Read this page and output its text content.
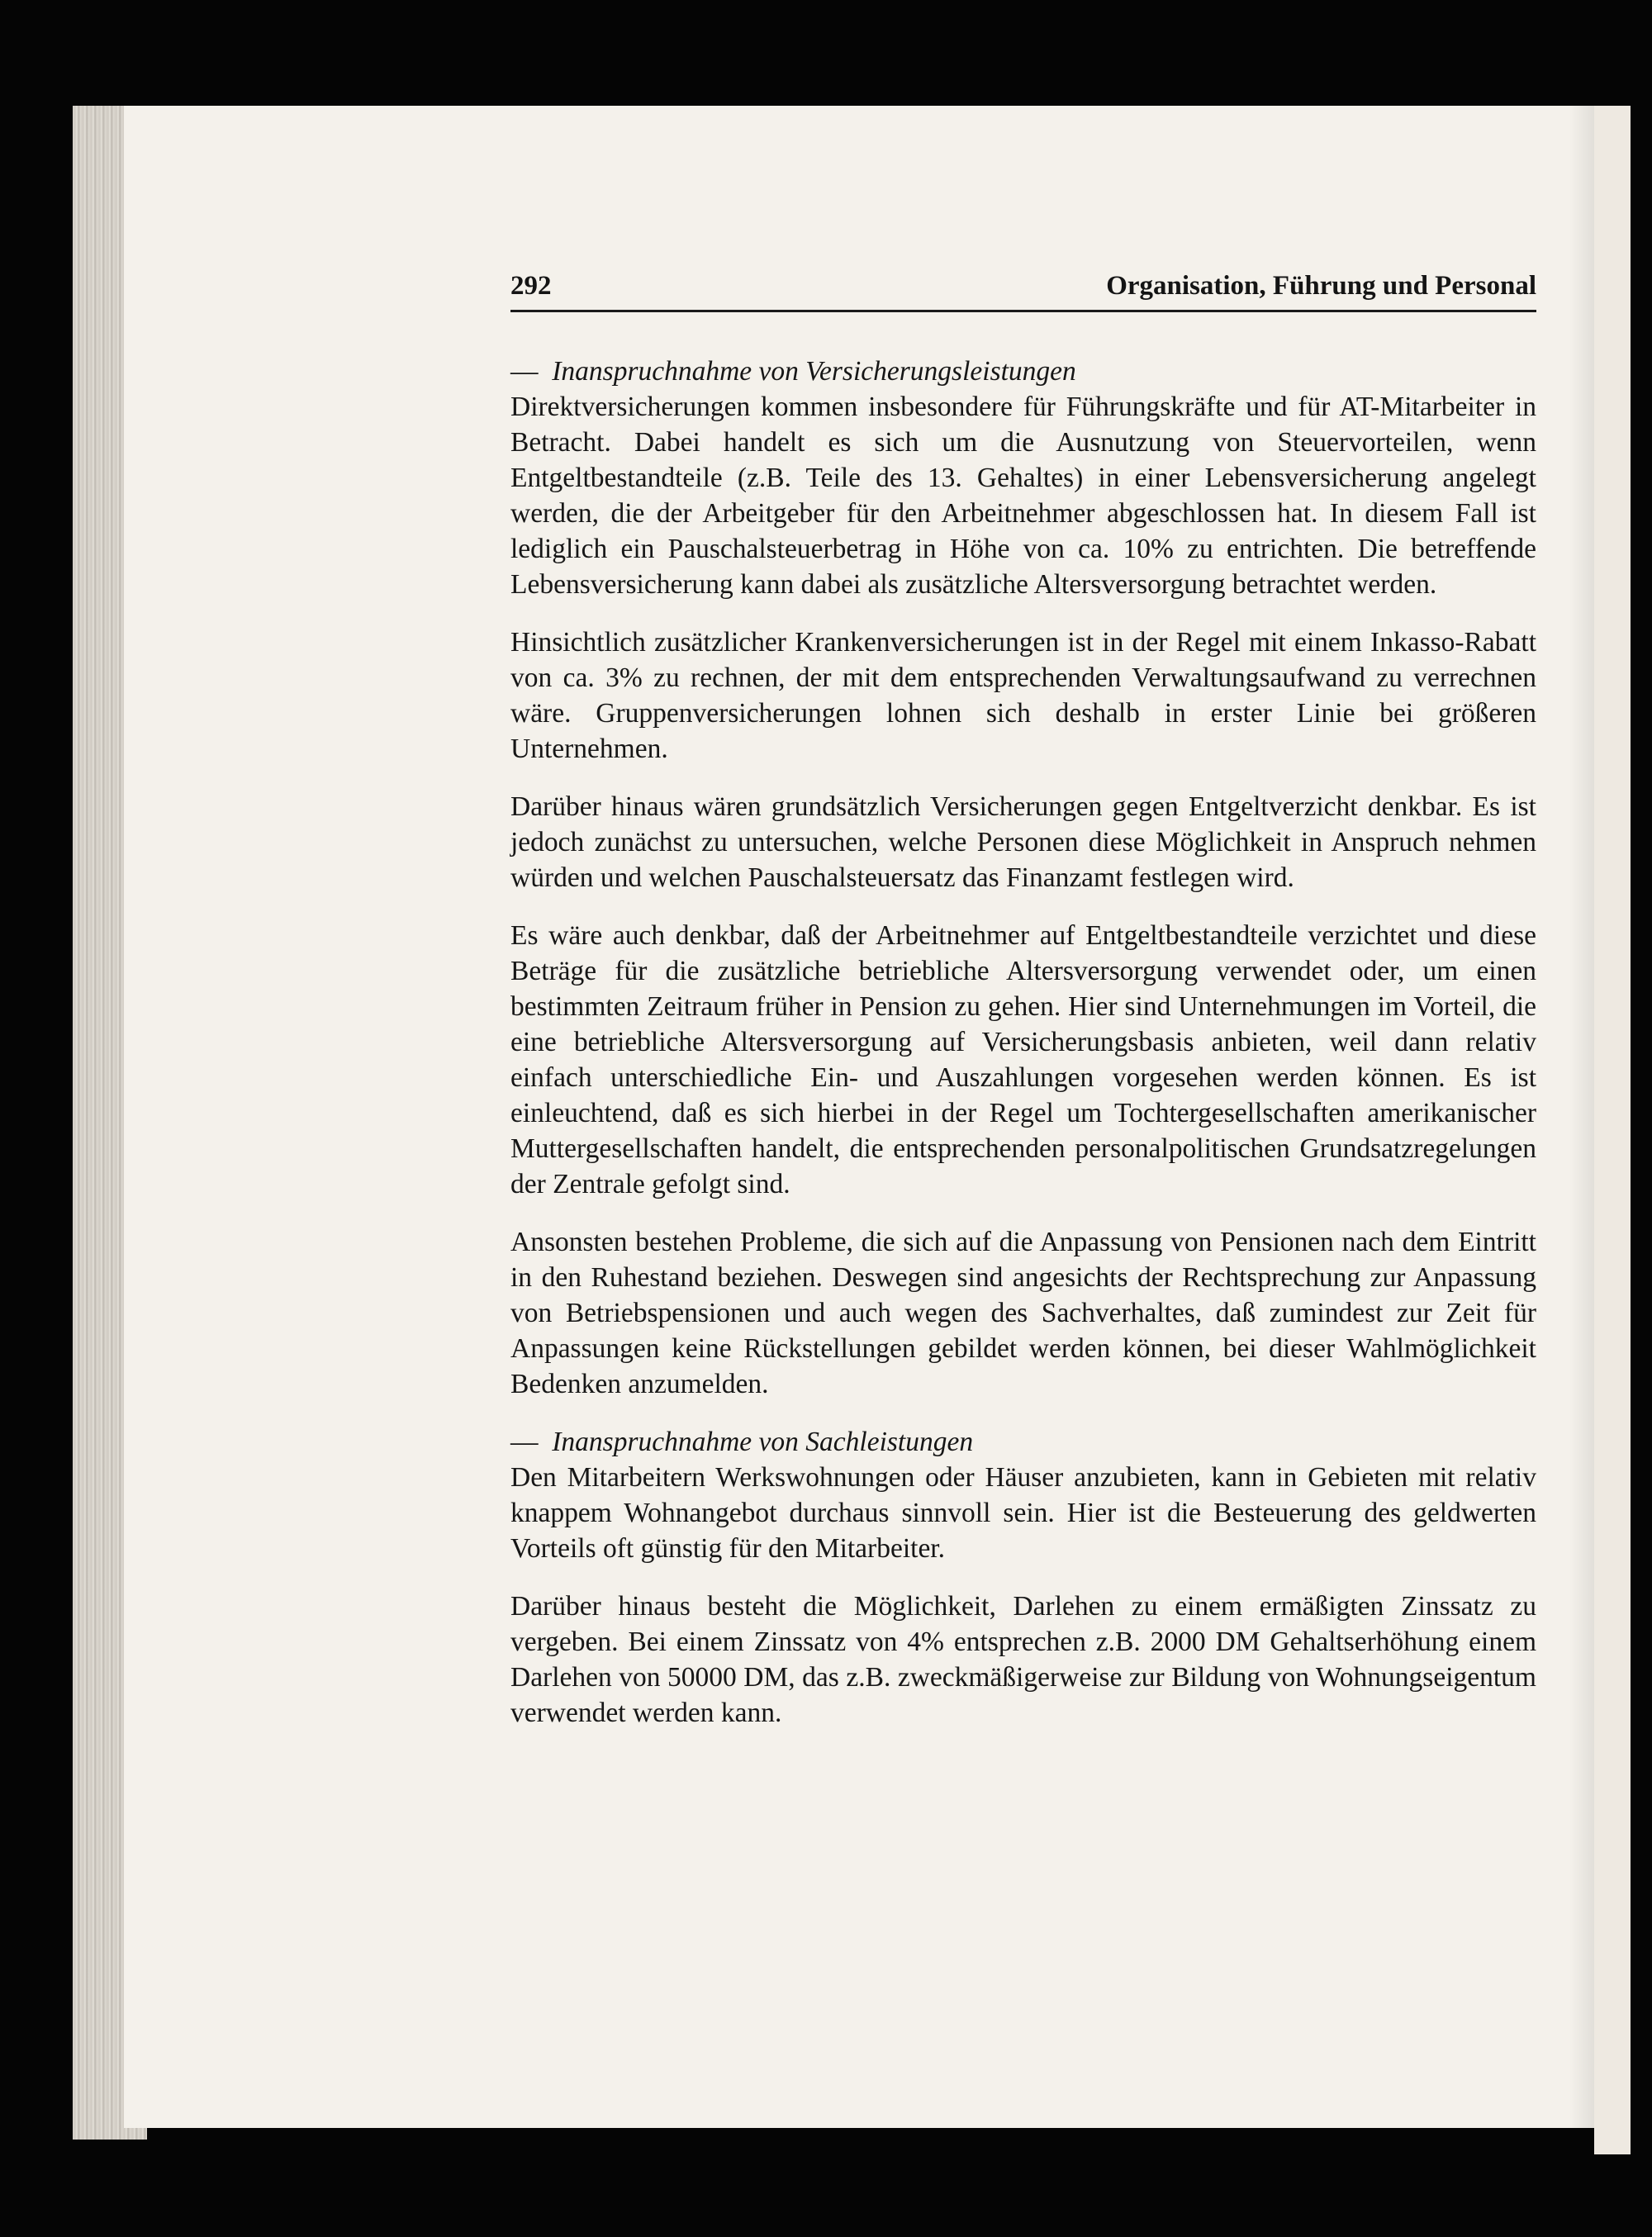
292	Organisation, Führung und Personal

— Inanspruchnahme von Versicherungsleistungen

Direktversicherungen kommen insbesondere für Führungskräfte und für AT-Mitarbeiter in Betracht. Dabei handelt es sich um die Ausnutzung von Steuervorteilen, wenn Entgeltbestandteile (z.B. Teile des 13. Gehaltes) in einer Lebensversicherung angelegt werden, die der Arbeitgeber für den Arbeitnehmer abgeschlossen hat. In diesem Fall ist lediglich ein Pauschalsteuerbetrag in Höhe von ca. 10% zu entrichten. Die betreffende Lebensversicherung kann dabei als zusätzliche Altersversorgung betrachtet werden.

Hinsichtlich zusätzlicher Krankenversicherungen ist in der Regel mit einem Inkasso-Rabatt von ca. 3% zu rechnen, der mit dem entsprechenden Verwaltungsaufwand zu verrechnen wäre. Gruppenversicherungen lohnen sich deshalb in erster Linie bei größeren Unternehmen.

Darüber hinaus wären grundsätzlich Versicherungen gegen Entgeltverzicht denkbar. Es ist jedoch zunächst zu untersuchen, welche Personen diese Möglichkeit in Anspruch nehmen würden und welchen Pauschalsteuersatz das Finanzamt festlegen wird.

Es wäre auch denkbar, daß der Arbeitnehmer auf Entgeltbestandteile verzichtet und diese Beträge für die zusätzliche betriebliche Altersversorgung verwendet oder, um einen bestimmten Zeitraum früher in Pension zu gehen. Hier sind Unternehmungen im Vorteil, die eine betriebliche Altersversorgung auf Versicherungsbasis anbieten, weil dann relativ einfach unterschiedliche Ein- und Auszahlungen vorgesehen werden können. Es ist einleuchtend, daß es sich hierbei in der Regel um Tochtergesellschaften amerikanischer Muttergesellschaften handelt, die entsprechenden personalpolitischen Grundsatzregelungen der Zentrale gefolgt sind.

Ansonsten bestehen Probleme, die sich auf die Anpassung von Pensionen nach dem Eintritt in den Ruhestand beziehen. Deswegen sind angesichts der Rechtsprechung zur Anpassung von Betriebspensionen und auch wegen des Sachverhaltes, daß zumindest zur Zeit für Anpassungen keine Rückstellungen gebildet werden können, bei dieser Wahlmöglichkeit Bedenken anzumelden.

— Inanspruchnahme von Sachleistungen

Den Mitarbeitern Werkswohnungen oder Häuser anzubieten, kann in Gebieten mit relativ knappem Wohnangebot durchaus sinnvoll sein. Hier ist die Besteuerung des geldwerten Vorteils oft günstig für den Mitarbeiter.

Darüber hinaus besteht die Möglichkeit, Darlehen zu einem ermäßigten Zinssatz zu vergeben. Bei einem Zinssatz von 4% entsprechen z.B. 2000 DM Gehaltserhöhung einem Darlehen von 50000 DM, das z.B. zweckmäßigerweise zur Bildung von Wohnungseigentum verwendet werden kann.
